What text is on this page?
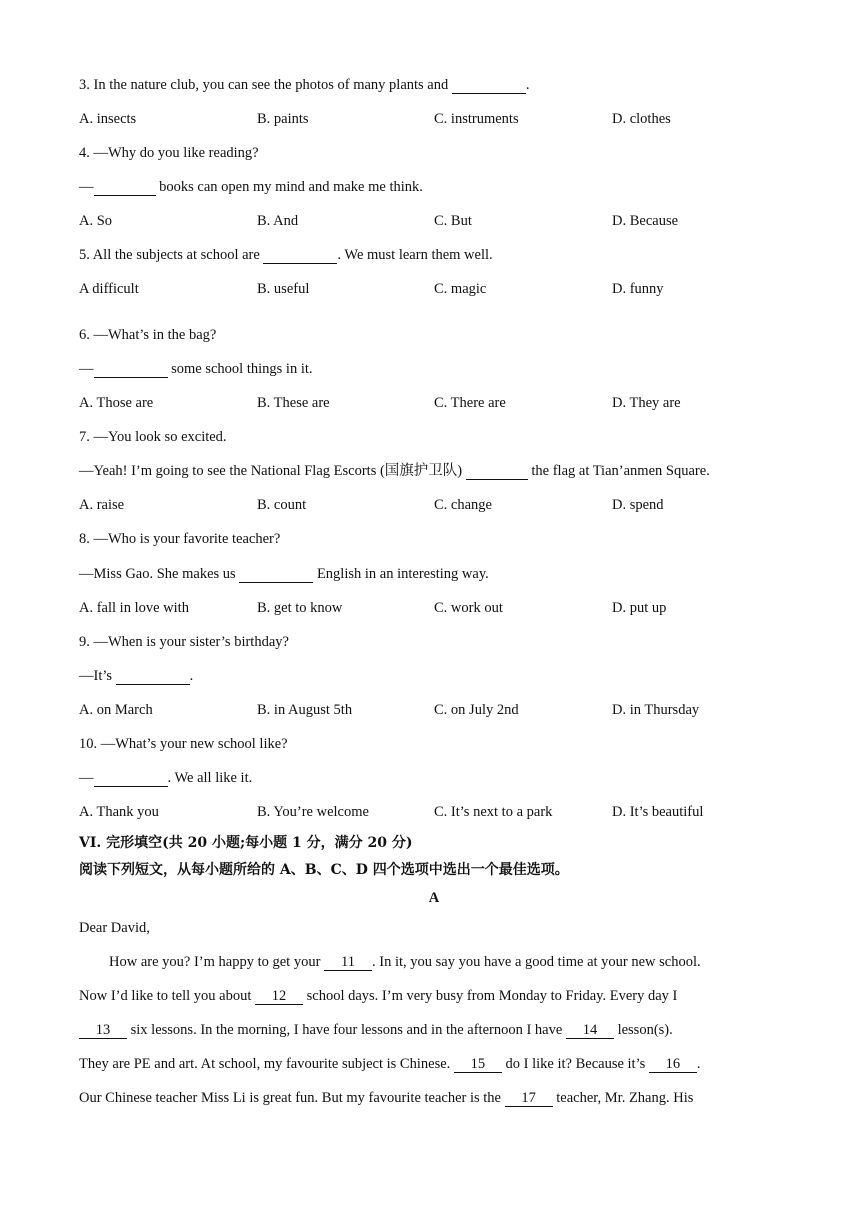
3. In the nature club, you can see the photos of many plants and	.
A. insects	B. paints	C. instruments	D. clothes
4. —Why do you like reading?
—	books can open my mind and make me think.
A. So	B. And	C. But	D. Because
5. All the subjects at school are	. We must learn them well.
A difficult	B. useful	C. magic	D. funny
6. —What’s in the bag?
—	some school things in it.
A. Those are	B. These are	C. There are	D. They are
7. —You look so excited.
—Yeah! I’m going to see the National Flag Escorts (国旗护卫队)	the flag at Tian’anmen Square.
A. raise	B. count	C. change	D. spend
8. —Who is your favorite teacher?
—Miss Gao. She makes us	English in an interesting way.
A. fall in love with	B. get to know	C. work out	D. put up
9. —When is your sister’s birthday?
—It’s	.
A. on March	B. in August 5th	C. on July 2nd	D. in Thursday
10. —What’s your new school like?
—	. We all like it.
A. Thank you	B. You’re welcome	C. It’s next to a park	D. It’s beautiful
VI. 完形填空(共 20 小题;每小题 1 分，满分 20 分)
阅读下列短文，从每小题所给的 A、B、C、D 四个选项中选出一个最佳选项。
A
Dear David,
How are you? I’m happy to get your 11 . In it, you say you have a good time at your new school.
Now I’d like to tell you about 12 school days. I’m very busy from Monday to Friday. Every day I
13 six lessons. In the morning, I have four lessons and in the afternoon I have 14 lesson(s).
They are PE and art. At school, my favourite subject is Chinese. 15 do I like it? Because it’s 16 .
Our Chinese teacher Miss Li is great fun. But my favourite teacher is the 17 teacher, Mr. Zhang. His
